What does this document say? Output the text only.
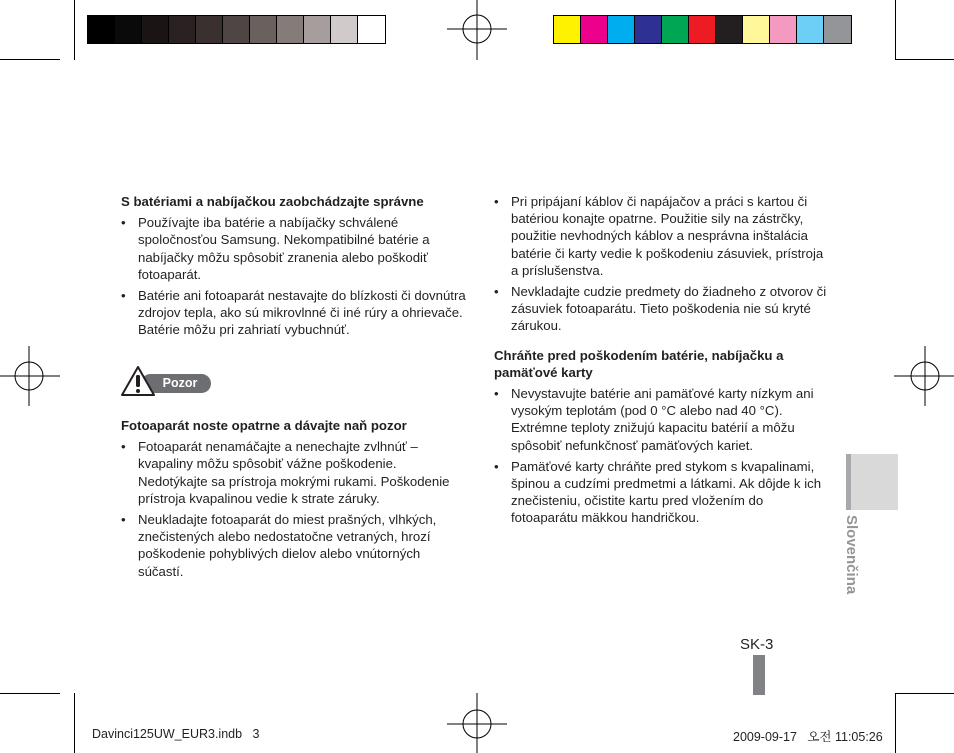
S batériami a nabíjačkou zaobchádzajte správne
• Používajte iba batérie a nabíjačky schválené spoločnosťou Samsung. Nekompatibilné batérie a nabíjačky môžu spôsobiť zranenia alebo poškodiť fotoaparát.
• Batérie ani fotoaparát nestavajte do blízkosti či dovnútra zdrojov tepla, ako sú mikrovlnné či iné rúry a ohrievače. Batérie môžu pri zahriatí vybuchnúť.
Pozor
Fotoaparát noste opatrne a dávajte naň pozor
• Fotoaparát nenamáčajte a nenechajte zvlhnúť – kvapaliny môžu spôsobiť vážne poškodenie. Nedotýkajte sa prístroja mokrými rukami. Poškodenie prístroja kvapalinou vedie k strate záruky.
• Neukladajte fotoaparát do miest prašných, vlhkých, znečistených alebo nedostatočne vetraných, hrozí poškodenie pohyblivých dielov alebo vnútorných súčastí.
• Pri pripájaní káblov či napájačov a práci s kartou či batériou konajte opatrne. Použitie sily na zástrčky, použitie nevhodných káblov a nesprávna inštalácia batérie či karty vedie k poškodeniu zásuviek, prístroja a príslušenstva.
• Nevkladajte cudzie predmety do žiadneho z otvorov či zásuviek fotoaparátu. Tieto poškodenia nie sú kryté zárukou.
Chráňte pred poškodením batérie, nabíjačku a pamäťové karty
• Nevystavujte batérie ani pamäťové karty nízkym ani vysokým teplotám (pod 0 °C alebo nad 40 °C). Extrémne teploty znižujú kapacitu batérií a môžu spôsobiť nefunkčnosť pamäťových kariet.
• Pamäťové karty chráňte pred stykom s kvapalinami, špinou a cudzími predmetmi a látkami. Ak dôjde k ich znečisteniu, očistite kartu pred vložením do fotoaparátu mäkkou handričkou.	Slovenčina
SK-3
Davinci125UW_EUR3.indb   3	2009-09-17   오전 11:05:26
